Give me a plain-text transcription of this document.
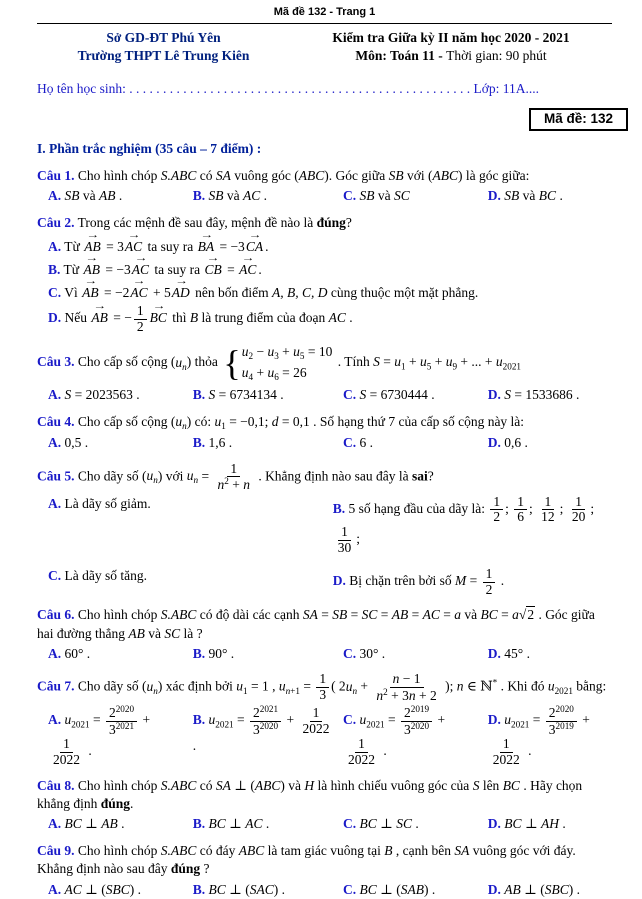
Mã đề 132 - Trang 1
Sở GD-ĐT Phú Yên
Trường THPT Lê Trung Kiên
Kiểm tra Giữa kỳ II năm học 2020 - 2021
Môn: Toán 11 - Thời gian: 90 phút
Họ tên học sinh: . . . . . . . . . . . . . . . . . . . . . . . . . . . . . . . . . . . . . . . . . . . . . . . . . . . Lớp: 11A....
Mã đề: 132
I. Phần trắc nghiệm (35 câu – 7 điểm) :
Câu 1. Cho hình chóp S.ABC có SA vuông góc (ABC). Góc giữa SB với (ABC) là góc giữa:
A. SB và AB .	B. SB và AC .	C. SB và SC	D. SB và BC .
Câu 2. Trong các mệnh đề sau đây, mệnh đề nào là đúng?
A. Từ → AB = 3→ AC ta suy ra → BA = −3→ CA .
B. Từ → AB = −3→ AC ta suy ra → CB = → AC .
C. Vì → AB = −2→ AC + 5→ AD nên bốn điểm A, B, C, D cùng thuộc một mặt phẳng.
D. Nếu → AB = − $\frac{1}{2}$ → BC thì B là trung điểm của đoạn AC .
Câu 3. Cho cấp số cộng $(u_n)$ thỏa { $u_2 - u_3 + u_5 = 10$
$u_4 + u_6 = 26$
. Tính $S = u_1 + u_5 + u_9$ + ... + $u_{2021}$
A. S = 2023563 .	B. S = 6734134 .	C. S = 6730444 .	D. S = 1533686 .
Câu 4. Cho cấp số cộng $(u_n)$ có: $u_1 = -0,1$; d = 0,1 . Số hạng thứ 7 của cấp số cộng này là:
A. 0,5 .	B. 1,6 .	C. 6 .	D. 0,6 .
Câu 5. Cho dãy số $(u_n)$ với $u_n = \frac{1}{n^2 + n}$ . Khẳng định nào sau đây là sai?
A. Là dãy số giảm.	B. 5 số hạng đầu của dãy là: $\frac{1}{2}$ ; $\frac{1}{6}$ ; $\frac{1}{12}$ ; $\frac{1}{20}$ ;
$\frac{1}{30}$ ;
C. Là dãy số tăng.	D. Bị chặn trên bởi số $M = \frac{1}{2}$ .
Câu 6. Cho hình chóp S.ABC có độ dài các cạnh SA = SB = SC = AB = AC = a và BC = a√2 . Góc giữa hai đường thẳng AB và SC là ?
A. 60° .	B. 90° .	C. 30° .	D. 45° .
Câu 7. Cho dãy số $(u_n)$ xác định bởi $u_1 = 1$ , $u_{n+1} = \frac{1}{3}$ ( $2u_n + \frac{n - 1}{n^2 + 3n + 2}$ ); n ∈ ℕ* . Khi đó $u_{2021}$ bằng:
A. $u_{2021} = \frac{2^{2020}}{3^{2021}}$ +
$\frac{1}{2022}$ .
B. $u_{2021} = \frac{2^{2021}}{3^{2020}} + \frac{1}{2022}$
.
C. $u_{2021} = \frac{2^{2019}}{3^{2020}}$ +
$\frac{1}{2022}$ .
D. $u_{2021} = \frac{2^{2020}}{3^{2019}}$ +
$\frac{1}{2022}$ .
Câu 8. Cho hình chóp S.ABC có SA ⊥ (ABC) và H là hình chiếu vuông góc của S lên BC . Hãy chọn khẳng định đúng.
A. BC ⊥ AB .	B. BC ⊥ AC .	C. BC ⊥ SC .	D. BC ⊥ AH .
Câu 9. Cho hình chóp S.ABC có đáy ABC là tam giác vuông tại B , cạnh bên SA vuông góc với đáy. Khẳng định nào sau đây đúng ?
A. AC ⊥ (SBC) .	B. BC ⊥ (SAC) .	C. BC ⊥ (SAB) .	D. AB ⊥ (SBC) .
